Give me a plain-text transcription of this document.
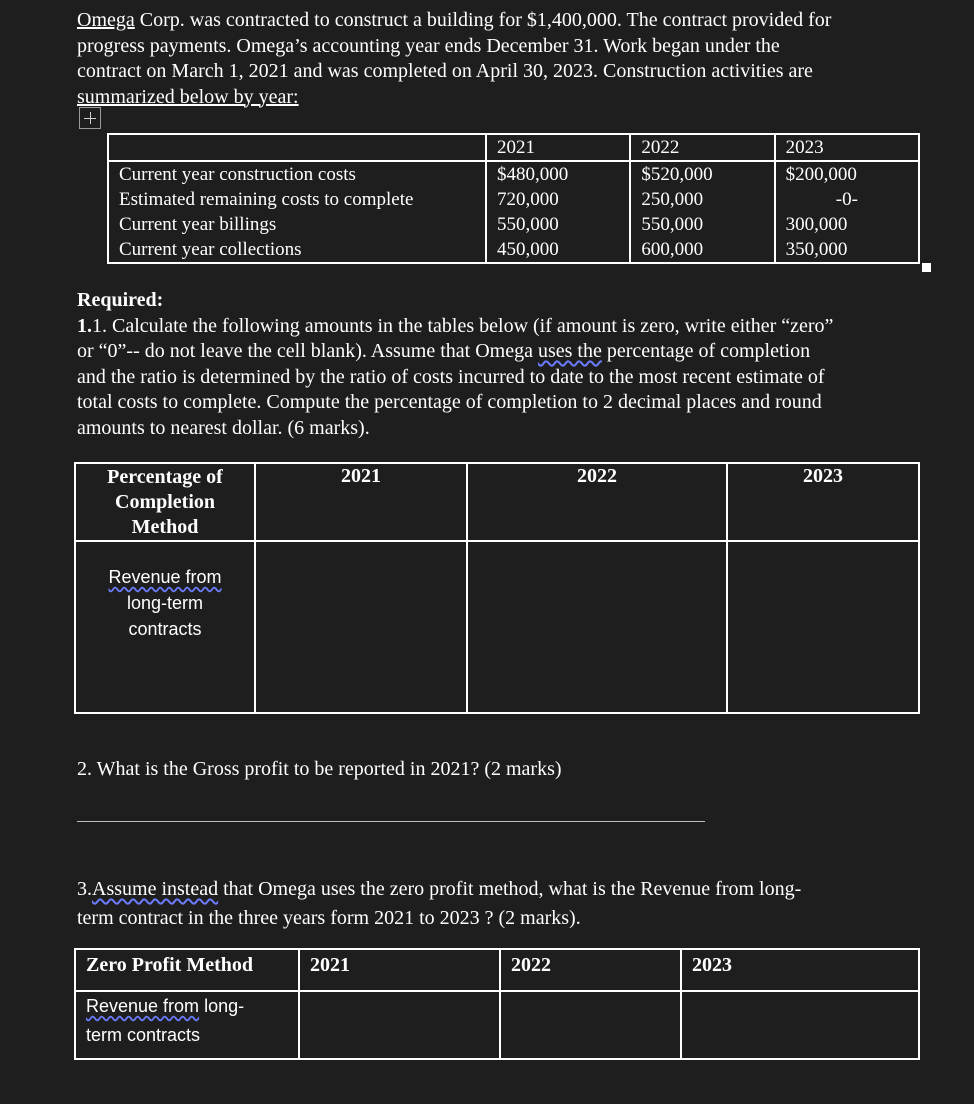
Omega Corp. was contracted to construct a building for $1,400,000. The contract provided for
progress payments. Omega’s accounting year ends December 31. Work began under the
contract on March 1, 2021 and was completed on April 30, 2023. Construction activities are
summarized below by year:
	2021	2022	2023
Current year construction costs	$480,000	$520,000	$200,000
Estimated remaining costs to complete	720,000	250,000	-0-
Current year billings	550,000	550,000	300,000
Current year collections	450,000	600,000	350,000
Required:
1.1. Calculate the following amounts in the tables below (if amount is zero, write either “zero”
or “0”-- do not leave the cell blank). Assume that Omega uses the percentage of completion
and the ratio is determined by the ratio of costs incurred to date to the most recent estimate of
total costs to complete. Compute the percentage of completion to 2 decimal places and round
amounts to nearest dollar. (6 marks).
Percentage of
Completion
Method	2021	2022	2023

Revenue from
long-term
contracts			

2. What is the Gross profit to be reported in 2021? (2 marks)
3.Assume instead that Omega uses the zero profit method, what is the Revenue from long-
term contract in the three years form 2021 to 2023 ? (2 marks).
Zero Profit Method	2021	2022	2023

Revenue from long-
term contracts			
